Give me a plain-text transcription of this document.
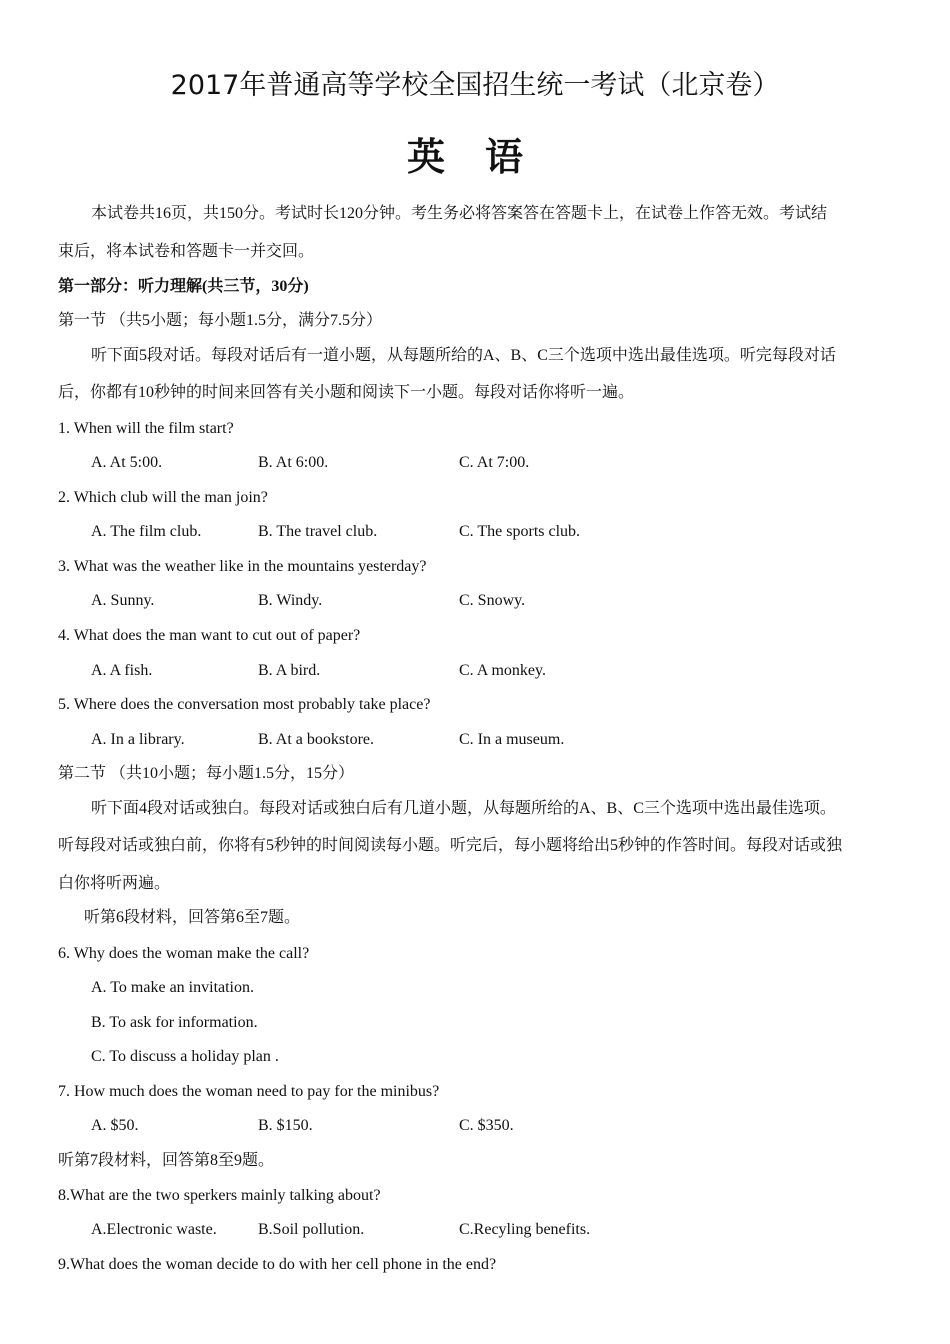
2017年普通高等学校全国招生统一考试（北京卷）
英语
本试卷共16页，共150分。考试时长120分钟。考生务必将答案答在答题卡上，在试卷上作答无效。考试结
束后，将本试卷和答题卡一并交回。
第一部分：听力理解(共三节，30分)
第一节 （共5小题；每小题1.5分，满分7.5分）
听下面5段对话。每段对话后有一道小题，从每题所给的A、B、C三个选项中选出最佳选项。听完每段对话
后，你都有10秒钟的时间来回答有关小题和阅读下一小题。每段对话你将听一遍。
1. When will the film start?
A. At 5:00.	B. At 6:00.	C. At 7:00.
2. Which club will the man join?
A. The film club.	B. The travel club.	C. The sports club.
3. What was the weather like in the mountains yesterday?
A. Sunny.	B. Windy.	C. Snowy.
4. What does the man want to cut out of paper?
A. A fish.	B. A bird.	C. A monkey.
5. Where does the conversation most probably take place?
A. In a library.	B. At a bookstore.	C. In a museum.
第二节 （共10小题；每小题1.5分，15分）
听下面4段对话或独白。每段对话或独白后有几道小题，从每题所给的A、B、C三个选项中选出最佳选项。
听每段对话或独白前，你将有5秒钟的时间阅读每小题。听完后，每小题将给出5秒钟的作答时间。每段对话或独
白你将听两遍。
听第6段材料，回答第6至7题。
6. Why does the woman make the call?
A. To make an invitation.
B. To ask for information.
C. To discuss a holiday plan .
7. How much does the woman need to pay for the minibus?
A. $50.	B. $150.	C. $350.
听第7段材料，回答第8至9题。
8.What are the two sperkers mainly talking about?
A.Electronic waste.	B.Soil pollution.	C.Recyling benefits.
9.What does the woman decide to do with her cell phone in the end?
